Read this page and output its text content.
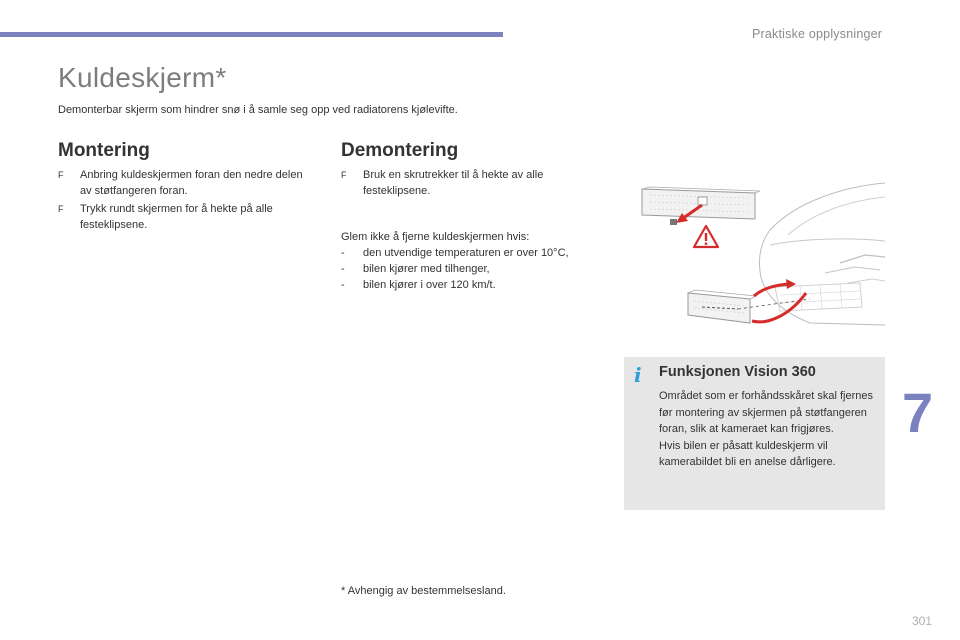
Praktiske opplysninger
Kuldeskjerm*
Demonterbar skjerm som hindrer snø i å samle seg opp ved radiatorens kjølevifte.
Montering
F Anbring kuldeskjermen foran den nedre delen av støtfangeren foran.
F Trykk rundt skjermen for å hekte på alle festeklipsene.
Demontering
F Bruk en skrutrekker til å hekte av alle festeklipsene.
Glem ikke å fjerne kuldeskjermen hvis:
- den utvendige temperaturen er over 10°C,
- bilen kjører med tilhenger,
- bilen kjører i over 120 km/t.
i Funksjonen Vision 360
Området som er forhåndsskåret skal fjernes før montering av skjermen på støtfangeren foran, slik at kameraet kan frigjøres.
Hvis bilen er påsatt kuldeskjerm vil kamerabildet bli en anelse dårligere.
* Avhengig av bestemmelsesland.
7
301
